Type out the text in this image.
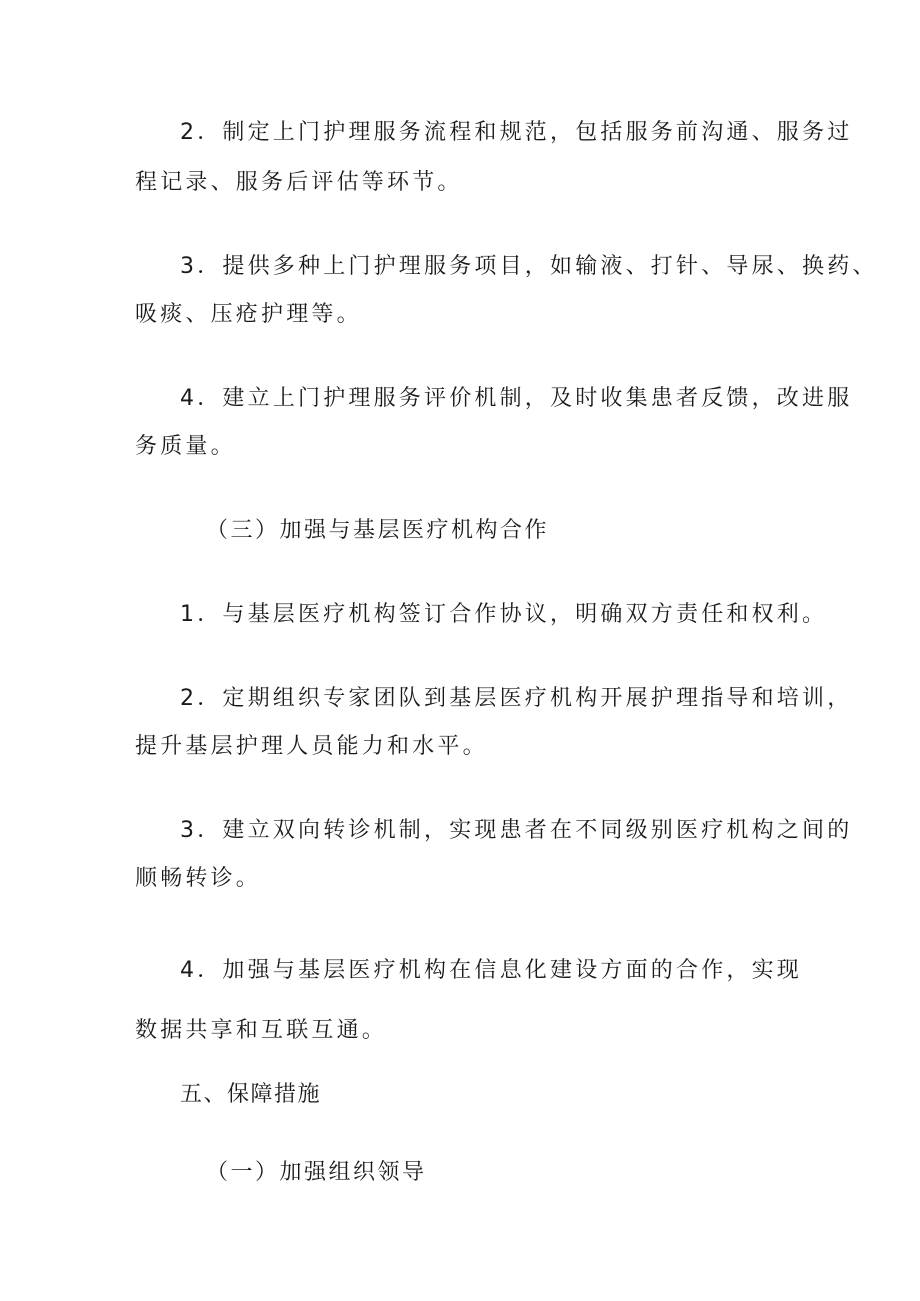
2．制定上门护理服务流程和规范，包括服务前沟通、服务过
程记录、服务后评估等环节。
3．提供多种上门护理服务项目，如输液、打针、导尿、换药、
吸痰、压疮护理等。
4．建立上门护理服务评价机制，及时收集患者反馈，改进服
务质量。
（三）加强与基层医疗机构合作
1．与基层医疗机构签订合作协议，明确双方责任和权利。
2．定期组织专家团队到基层医疗机构开展护理指导和培训，
提升基层护理人员能力和水平。
3．建立双向转诊机制，实现患者在不同级别医疗机构之间的
顺畅转诊。
4．加强与基层医疗机构在信息化建设方面的合作，实现
数据共享和互联互通。
五、保障措施
（一）加强组织领导
